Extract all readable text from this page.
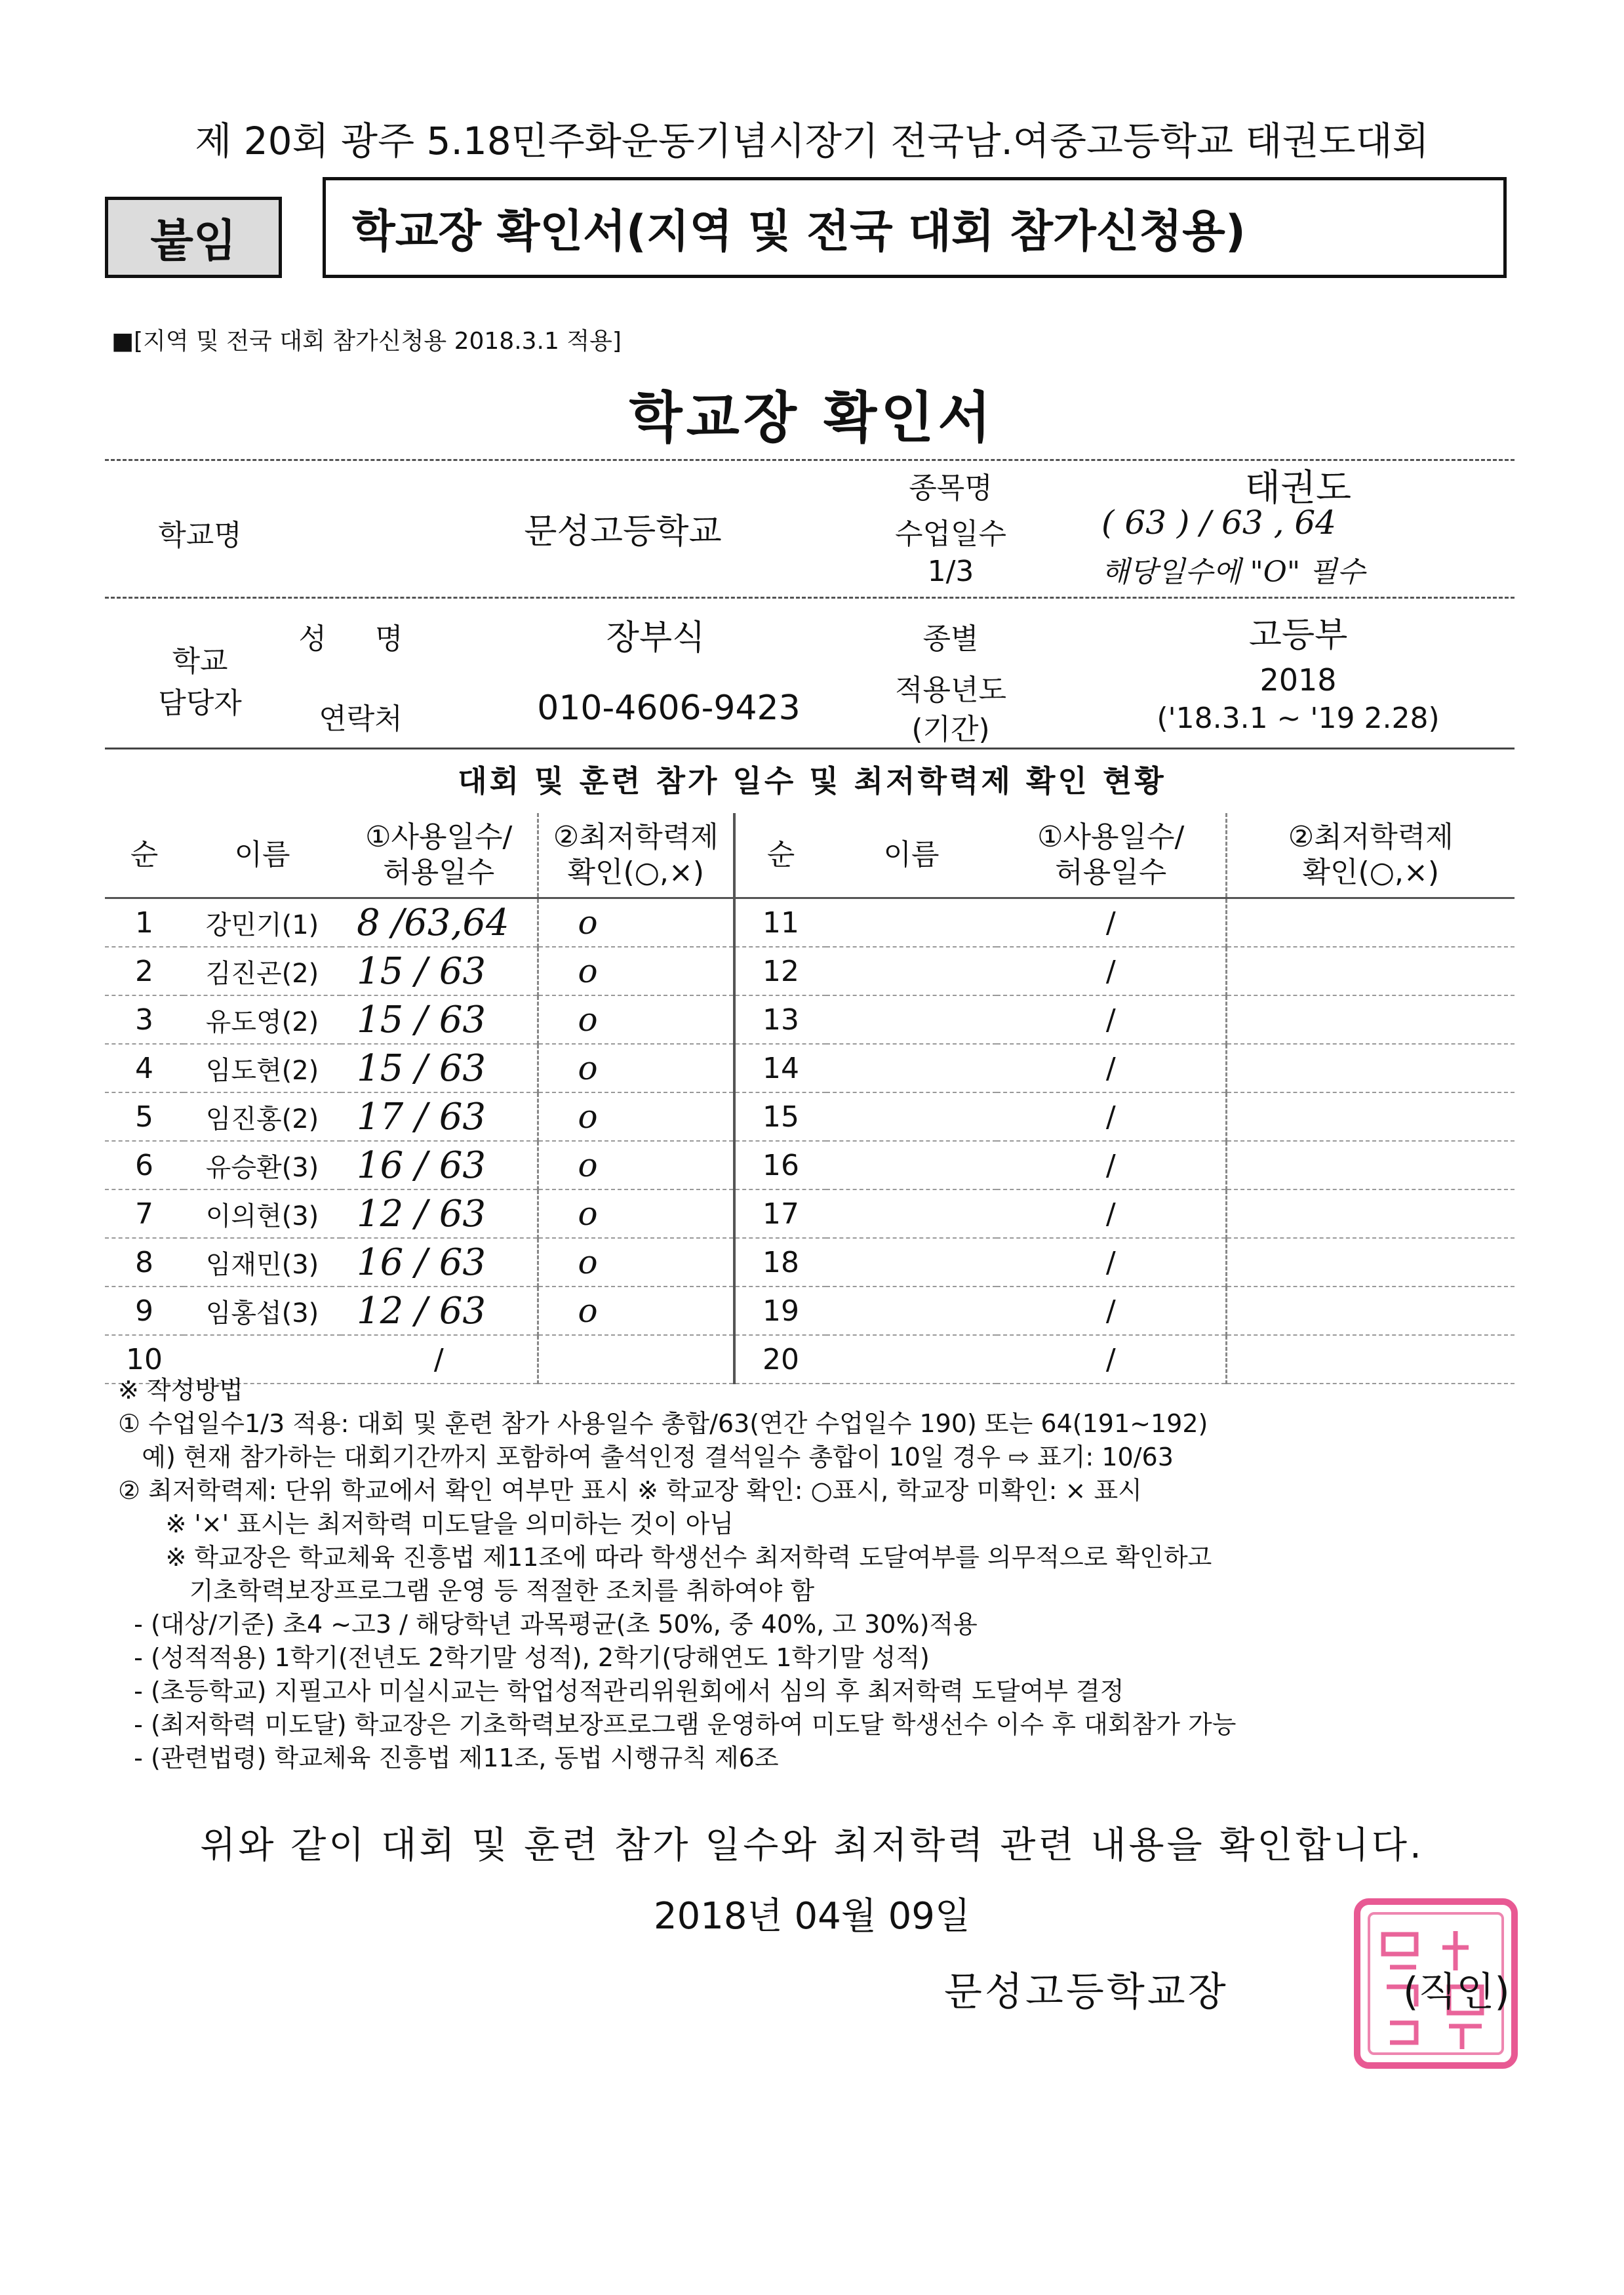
제 20회 광주 5.18민주화운동기념시장기 전국남.여중고등학교 태권도대회
붙임	학교장 확인서(지역 및 전국 대회 참가신청용)
■[지역 및 전국 대회 참가신청용 2018.3.1 적용]
학교장 확인서
종목명	태권도
학교명	문성고등학교	수업일수
1/3
( 63 ) / 63 , 64
해당일수에 "O" 필수
학교
담당자
성 명	장부식	종별	고등부
연락처	010-4606-9423	적용년도
(기간)
2018
('18.3.1 ~ '19 2.28)
대회 및 훈련 참가 일수 및 최저학력제 확인 현황
순	이름	①사용일수/
허용일수	②최저학력제
확인(○,×)	순	이름	①사용일수/
허용일수	②최저학력제
확인(○,×)
1	강민기(1)	8 /63,64	o	11		/	
2	김진곤(2)	15 / 63	o	12		/	
3	유도영(2)	15 / 63	o	13		/	
4	임도현(2)	15 / 63	o	14		/	
5	임진홍(2)	17 / 63	o	15		/	
6	유승환(3)	16 / 63	o	16		/	
7	이의현(3)	12 / 63	o	17		/	
8	임재민(3)	16 / 63	o	18		/	
9	임홍섭(3)	12 / 63	o	19		/	
10		/		20		/	
※ 작성방법
① 수업일수1/3 적용: 대회 및 훈련 참가 사용일수 총합/63(연간 수업일수 190) 또는 64(191~192)
예) 현재 참가하는 대회기간까지 포함하여 출석인정 결석일수 총합이 10일 경우 ⇨ 표기: 10/63
② 최저학력제: 단위 학교에서 확인 여부만 표시 ※ 학교장 확인: ○표시, 학교장 미확인: × 표시
※ '×' 표시는 최저학력 미도달을 의미하는 것이 아님
※ 학교장은 학교체육 진흥법 제11조에 따라 학생선수 최저학력 도달여부를 의무적으로 확인하고
기초학력보장프로그램 운영 등 적절한 조치를 취하여야 함
- (대상/기준) 초4 ~고3 / 해당학년 과목평균(초 50%, 중 40%, 고 30%)적용
- (성적적용) 1학기(전년도 2학기말 성적), 2학기(당해연도 1학기말 성적)
- (초등학교) 지필고사 미실시교는 학업성적관리위원회에서 심의 후 최저학력 도달여부 결정
- (최저학력 미도달) 학교장은 기초학력보장프로그램 운영하여 미도달 학생선수 이수 후 대회참가 가능
- (관련법령) 학교체육 진흥법 제11조, 동법 시행규칙 제6조
위와 같이 대회 및 훈련 참가 일수와 최저학력 관련 내용을 확인합니다.
2018년 04월 09일
문성고등학교장	(직인)
